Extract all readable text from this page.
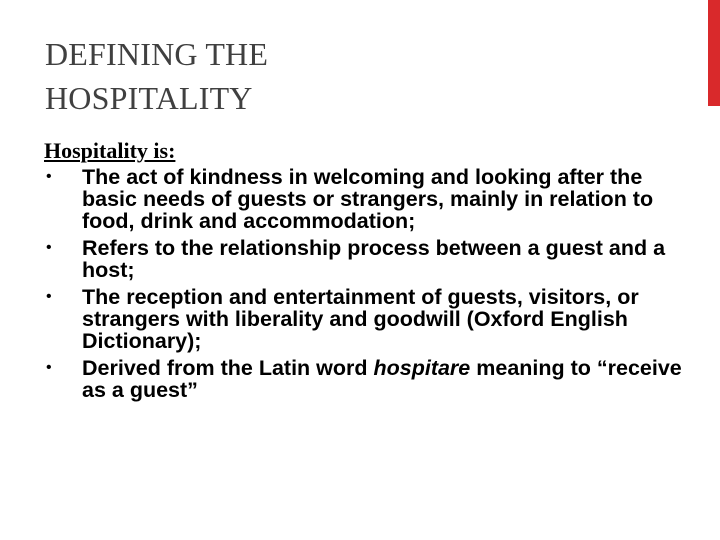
DEFINING THE
HOSPITALITY

Hospitality is:

•	The act of kindness in welcoming and looking after the basic needs of guests or strangers, mainly in relation to food, drink and accommodation;
•	Refers to the relationship process between a guest and a host;
•	The reception and entertainment of guests, visitors, or strangers with liberality and goodwill (Oxford English Dictionary);
•	Derived from the Latin word hospitare meaning to “receive as a guest”
